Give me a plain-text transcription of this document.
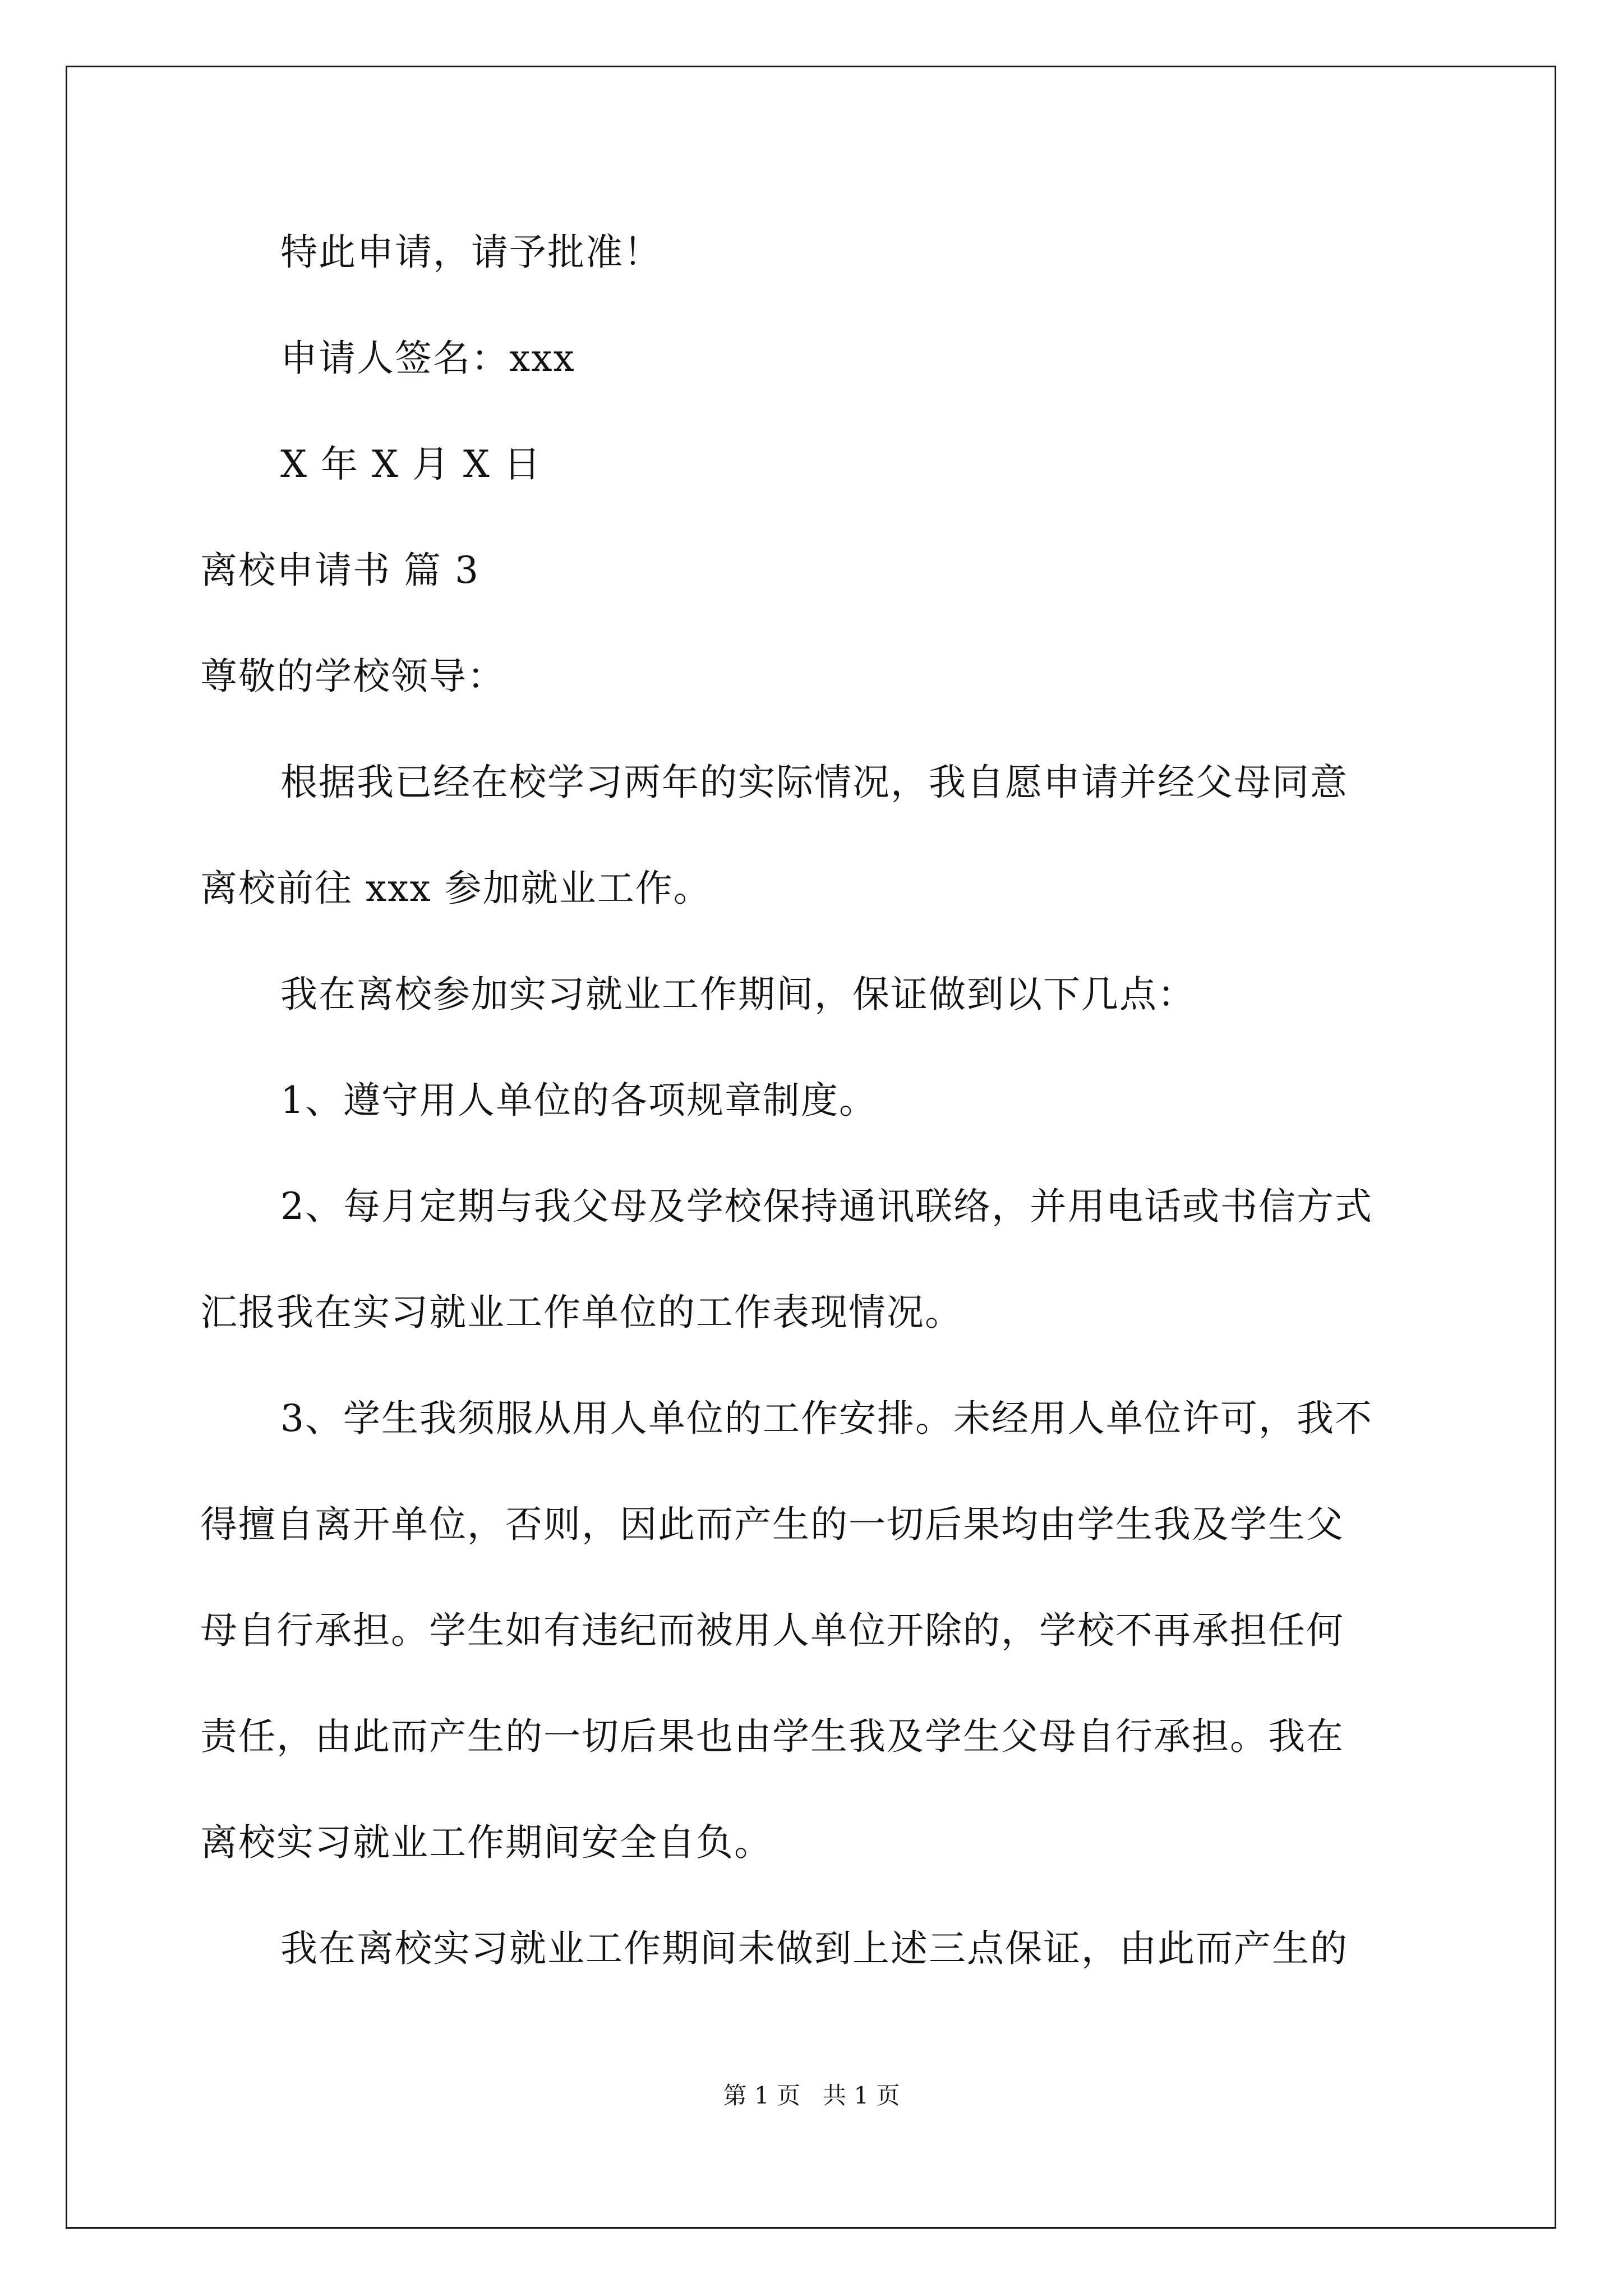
特此申请，请予批准！
申请人签名：xxx
X 年 X 月 X 日
离校申请书 篇 3
尊敬的学校领导：
根据我已经在校学习两年的实际情况，我自愿申请并经父母同意
离校前往 xxx 参加就业工作。
我在离校参加实习就业工作期间，保证做到以下几点：
1、遵守用人单位的各项规章制度。
2、每月定期与我父母及学校保持通讯联络，并用电话或书信方式
汇报我在实习就业工作单位的工作表现情况。
3、学生我须服从用人单位的工作安排。未经用人单位许可，我不
得擅自离开单位，否则，因此而产生的一切后果均由学生我及学生父
母自行承担。学生如有违纪而被用人单位开除的，学校不再承担任何
责任，由此而产生的一切后果也由学生我及学生父母自行承担。我在
离校实习就业工作期间安全自负。
我在离校实习就业工作期间未做到上述三点保证，由此而产生的
第 1 页   共 1 页
